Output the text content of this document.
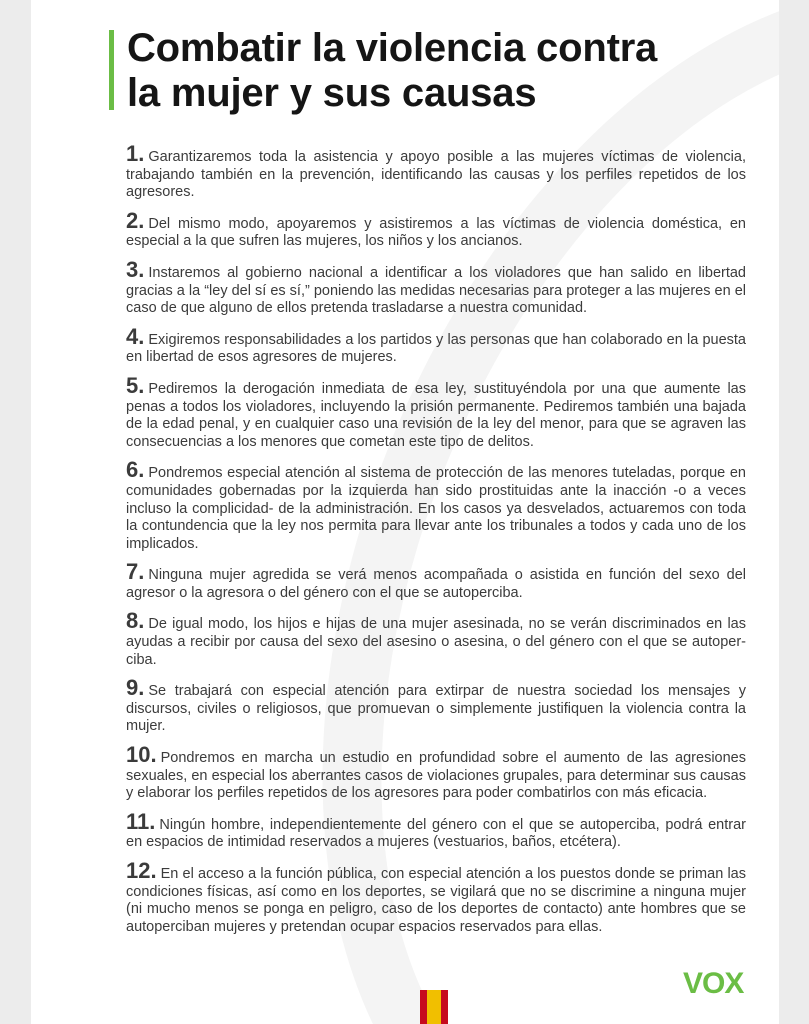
Combatir la violencia contra
la mujer y sus causas
1. Garantizaremos toda la asistencia y apoyo posible a las mujeres víctimas de violencia, trabajando también en la prevención, identificando las causas y los perfiles repetidos de los agresores.
2. Del mismo modo, apoyaremos y asistiremos a las víctimas de violencia doméstica, en especial a la que sufren las mujeres, los niños y los ancianos.
3. Instaremos al gobierno nacional a identificar a los violadores que han salido en libertad gracias a la “ley del sí es sí,” poniendo las medidas necesarias para proteger a las mujeres en el caso de que alguno de ellos pretenda trasladarse a nuestra comunidad.
4. Exigiremos responsabilidades a los partidos y las personas que han colaborado en la puesta en libertad de esos agresores de mujeres.
5. Pediremos la derogación inmediata de esa ley, sustituyéndola por una que aumente las penas a todos los violadores, incluyendo la prisión permanente. Pediremos también una bajada de la edad penal, y en cualquier caso una revisión de la ley del menor, para que se agraven las consecuencias a los menores que cometan este tipo de delitos.
6. Pondremos especial atención al sistema de protección de las menores tuteladas, porque en comunidades gobernadas por la izquierda han sido prostituidas ante la inacción -o a veces incluso la complicidad- de la administración. En los casos ya desvelados, actuaremos con toda la contundencia que la ley nos permita para llevar ante los tribunales a todos y cada uno de los implicados.
7. Ninguna mujer agredida se verá menos acompañada o asistida en función del sexo del agresor o la agresora o del género con el que se autoperciba.
8. De igual modo, los hijos e hijas de una mujer asesinada, no se verán discriminados en las ayudas a recibir por causa del sexo del asesino o asesina, o del género con el que se autoper-ciba.
9. Se trabajará con especial atención para extirpar de nuestra sociedad los mensajes y discursos, civiles o religiosos, que promuevan o simplemente justifiquen la violencia contra la mujer.
10. Pondremos en marcha un estudio en profundidad sobre el aumento de las agresiones sexuales, en especial los aberrantes casos de violaciones grupales, para determinar sus causas y elaborar los perfiles repetidos de los agresores para poder combatirlos con más eficacia.
11. Ningún hombre, independientemente del género con el que se autoperciba, podrá entrar en espacios de intimidad reservados a mujeres (vestuarios, baños, etcétera).
12. En el acceso a la función pública, con especial atención a los puestos donde se priman las condiciones físicas, así como en los deportes, se vigilará que no se discrimine a ninguna mujer (ni mucho menos se ponga en peligro, caso de los deportes de contacto) ante hombres que se autoperciban mujeres y pretendan ocupar espacios reservados para ellas.
VOX
